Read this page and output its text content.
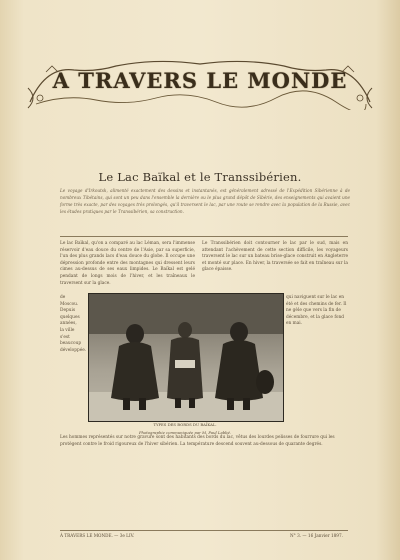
A TRAVERS LE MONDE
Le Lac Baïkal et le Transsibérien.
Le voyage d'Irkoutsk, alimenté exactement des dessins et instantanés, est généralement adressé de l'Expédition Sibérienne à de nombreux Tibétains, qui sont un peu dans l'ensemble la dernière ou le plus grand dépôt de Sibérie, des enseignements qui avaient une forme très exacte, par des voyages très prolongés, qu'il traversent le lac, par une route se rendre avec la population de la Russie, avec les études pratiques par le Transsibérien, sa construction.
Le lac Baïkal, qu'on a comparé au lac Léman, sera l'immense réservoir d'eau douce du centre de l'Asie, par sa superficie, l'un des plus grands lacs d'eau douce du globe. Il occupe une dépression profonde entre des montagnes qui dressent leurs cimes au-dessus de ses eaux limpides. Le Baïkal est gelé pendant de longs mois de l'hiver, et les traîneaux le traversent sur la glace.
Le Transsibérien doit contourner le lac par le sud, mais en attendant l'achèvement de cette section difficile, les voyageurs traversent le lac sur un bateau brise-glace construit en Angleterre et monté sur place. En hiver, la traversée se fait en traîneau sur la glace épaisse.
de Moscou. Depuis quelques années, la ville s'est beaucoup développée.
qui naviguent sur le lac en été et des chemins de fer. Il ne gèle que vers la fin de décembre, et la glace fond en mai.
TYPES DES BORDS DU BAÏKAL.
Photographie communiquée par M. Paul Labbé.
Les hommes représentés sur notre gravure sont des habitants des bords du lac, vêtus des lourdes pelisses de fourrure qui les protègent contre le froid rigoureux de l'hiver sibérien. La température descend souvent au-dessous de quarante degrés.
À TRAVERS LE MONDE. — 3e LIV.	N° 3. — 16 Janvier 1897.
